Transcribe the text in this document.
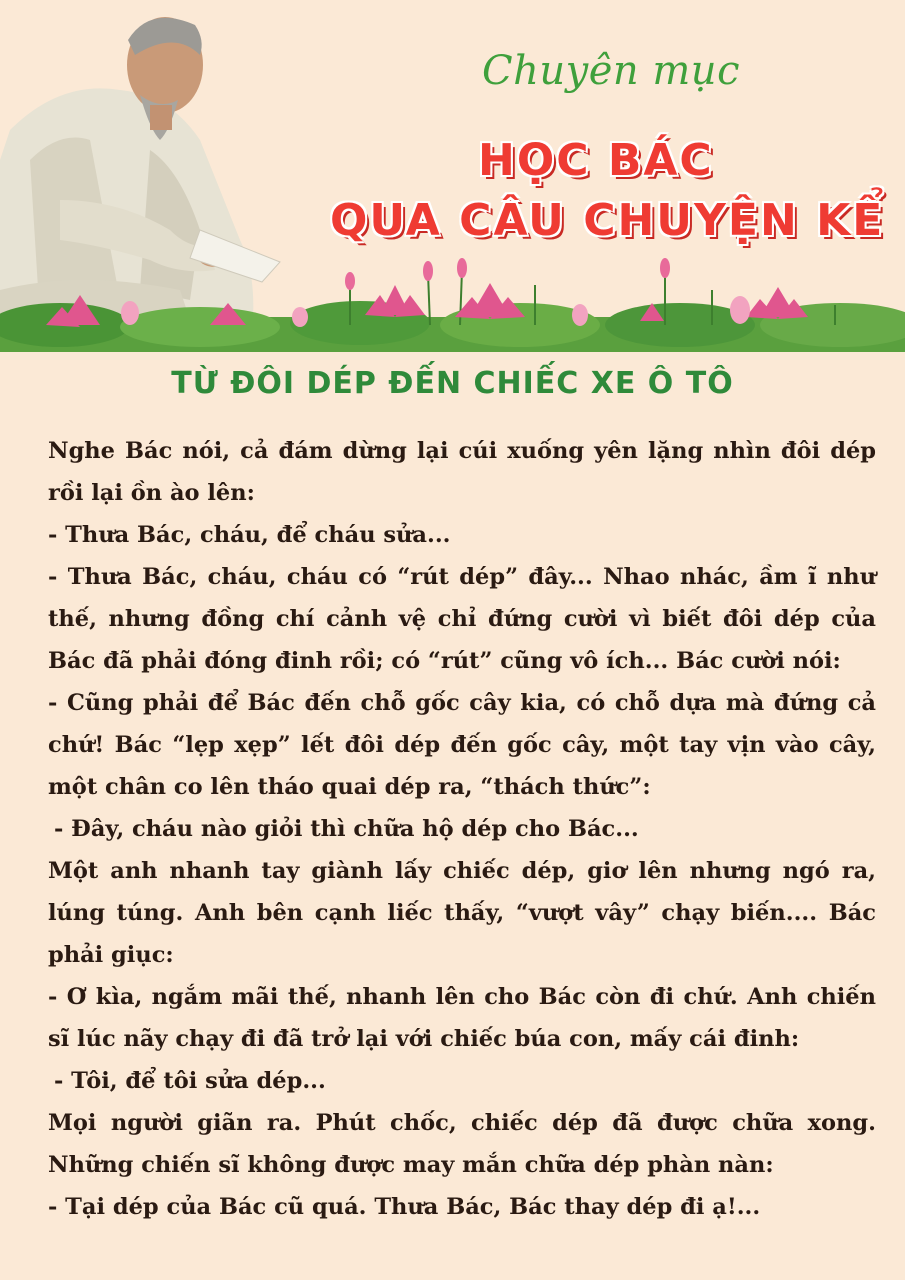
Chuyên mục
HỌC BÁC
QUA CÂU CHUYỆN KỂ
TỪ ĐÔI DÉP ĐẾN CHIẾC XE Ô TÔ

Nghe Bác nói, cả đám dừng lại cúi xuống yên lặng nhìn đôi dép rồi lại ồn ào lên:

- Thưa Bác, cháu, để cháu sửa...

- Thưa Bác, cháu, cháu có “rút dép” đây... Nhao nhác, ầm ĩ như thế, nhưng đồng chí cảnh vệ chỉ đứng cười vì biết đôi dép của Bác đã phải đóng đinh rồi; có “rút” cũng vô ích... Bác cười nói:

- Cũng phải để Bác đến chỗ gốc cây kia, có chỗ dựa mà đứng cả chứ! Bác “lẹp xẹp” lết đôi dép đến gốc cây, một tay vịn vào cây, một chân co lên tháo quai dép ra, “thách thức”:

- Đây, cháu nào giỏi thì chữa hộ dép cho Bác...

Một anh nhanh tay giành lấy chiếc dép, giơ lên nhưng ngó ra, lúng túng. Anh bên cạnh liếc thấy, “vượt vây” chạy biến.... Bác phải giục:

- Ơ kìa, ngắm mãi thế, nhanh lên cho Bác còn đi chứ. Anh chiến sĩ lúc nãy chạy đi đã trở lại với chiếc búa con, mấy cái đinh:

- Tôi, để tôi sửa dép...

Mọi người giãn ra. Phút chốc, chiếc dép đã được chữa xong. Những chiến sĩ không được may mắn chữa dép phàn nàn:

- Tại dép của Bác cũ quá. Thưa Bác, Bác thay dép đi ạ!...
